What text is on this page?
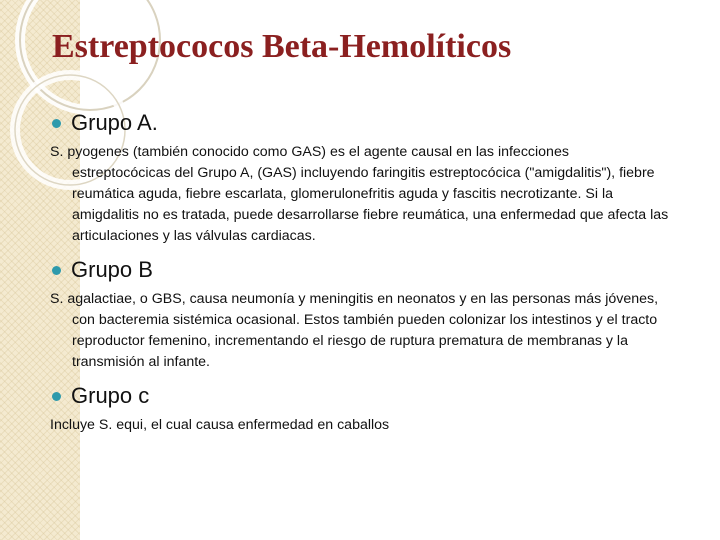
Estreptococos Beta-Hemolíticos
Grupo A.

S. pyogenes (también conocido como GAS) es el agente causal en las infecciones estreptocócicas del Grupo A, (GAS) incluyendo faringitis estreptocócica ("amigdalitis"), fiebre reumática aguda, fiebre escarlata, glomerulonefritis aguda y fascitis necrotizante. Si la amigdalitis no es tratada, puede desarrollarse fiebre reumática, una enfermedad que afecta las articulaciones y las válvulas cardiacas.

Grupo B

S. agalactiae, o GBS, causa neumonía y meningitis en neonatos y en las personas más jóvenes, con bacteremia sistémica ocasional. Estos también pueden colonizar los intestinos y el tracto reproductor femenino, incrementando el riesgo de ruptura prematura de membranas y la transmisión al infante.

Grupo c

Incluye S. equi, el cual causa enfermedad en caballos
